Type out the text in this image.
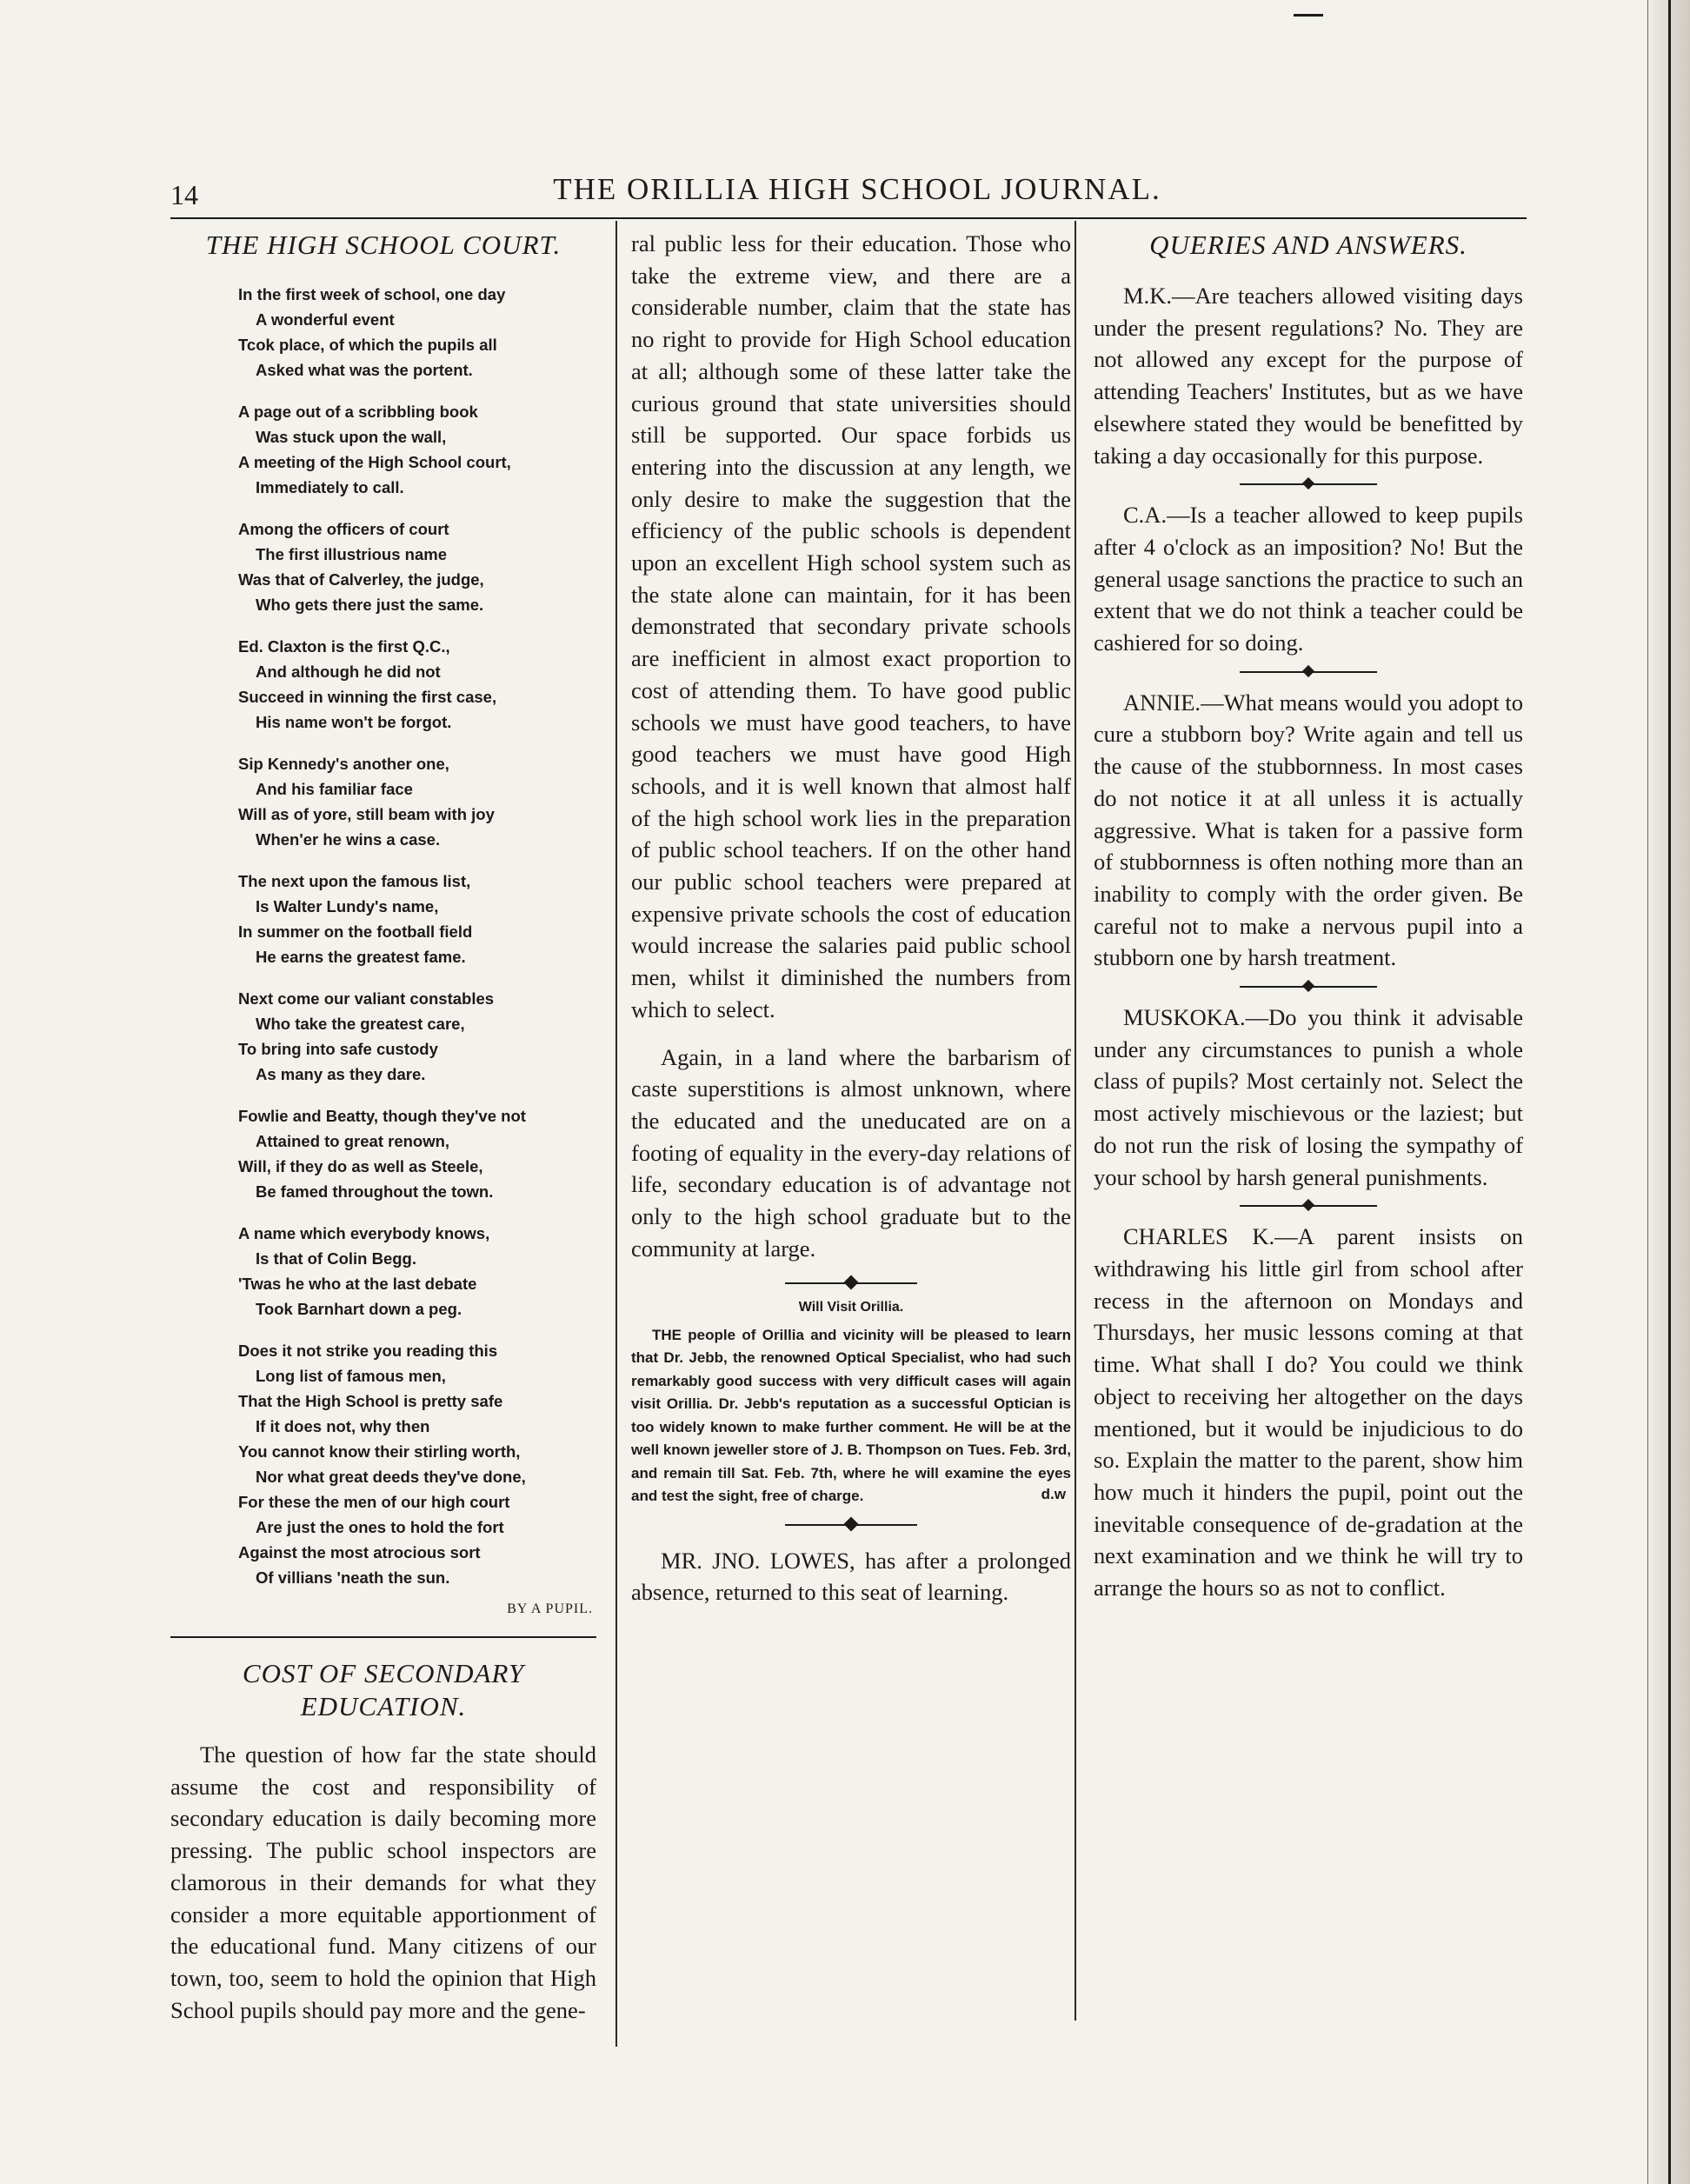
14	THE ORILLIA HIGH SCHOOL JOURNAL.
THE HIGH SCHOOL COURT.
In the first week of school, one day
A wonderful event
Tcok place, of which the pupils all
Asked what was the portent.
A page out of a scribbling book
Was stuck upon the wall,
A meeting of the High School court,
Immediately to call.
Among the officers of court
The first illustrious name
Was that of Calverley, the judge,
Who gets there just the same.
Ed. Claxton is the first Q.C.,
And although he did not
Succeed in winning the first case,
His name won't be forgot.
Sip Kennedy's another one,
And his familiar face
Will as of yore, still beam with joy
When'er he wins a case.
The next upon the famous list,
Is Walter Lundy's name,
In summer on the football field
He earns the greatest fame.
Next come our valiant constables
Who take the greatest care,
To bring into safe custody
As many as they dare.
Fowlie and Beatty, though they've not
Attained to great renown,
Will, if they do as well as Steele,
Be famed throughout the town.
A name which everybody knows,
Is that of Colin Begg.
'Twas he who at the last debate
Took Barnhart down a peg.
Does it not strike you reading this
Long list of famous men,
That the High School is pretty safe
If it does not, why then
You cannot know their stirling worth,
Nor what great deeds they've done,
For these the men of our high court
Are just the ones to hold the fort
Against the most atrocious sort
Of villians 'neath the sun.
BY A PUPIL.
COST OF SECONDARY EDUCATION.

The question of how far the state should assume the cost and responsibility of secondary education is daily becoming more pressing. The public school inspectors are clamorous in their demands for what they consider a more equitable apportionment of the educational fund. Many citizens of our town, too, seem to hold the opinion that High School pupils should pay more and the gene-

ral public less for their education. Those who take the extreme view, and there are a considerable number, claim that the state has no right to provide for High School education at all; although some of these latter take the curious ground that state universities should still be supported. Our space forbids us entering into the discussion at any length, we only desire to make the suggestion that the efficiency of the public schools is dependent upon an excellent High school system such as the state alone can maintain, for it has been demonstrated that secondary private schools are inefficient in almost exact proportion to cost of attending them. To have good public schools we must have good teachers, to have good teachers we must have good High schools, and it is well known that almost half of the high school work lies in the preparation of public school teachers. If on the other hand our public school teachers were prepared at expensive private schools the cost of education would increase the salaries paid public school men, whilst it diminished the numbers from which to select.

Again, in a land where the barbarism of caste superstitions is almost unknown, where the educated and the uneducated are on a footing of equality in the every-day relations of life, secondary education is of advantage not only to the high school graduate but to the community at large.

Will Visit Orillia.

THE people of Orillia and vicinity will be pleased to learn that Dr. Jebb, the renowned Optical Specialist, who had such remarkably good success with very difficult cases will again visit Orillia. Dr. Jebb's reputation as a successful Optician is too widely known to make further comment. He will be at the well known jeweller store of J. B. Thompson on Tues. Feb. 3rd, and remain till Sat. Feb. 7th, where he will examine the eyes and test the sight, free of charge.	d.w

MR. JNO. LOWES, has after a prolonged absence, returned to this seat of learning.

QUERIES AND ANSWERS.

M.K.—Are teachers allowed visiting days under the present regulations? No. They are not allowed any except for the purpose of attending Teachers' Institutes, but as we have elsewhere stated they would be benefitted by taking a day occasionally for this purpose.

C.A.—Is a teacher allowed to keep pupils after 4 o'clock as an imposition? No! But the general usage sanctions the practice to such an extent that we do not think a teacher could be cashiered for so doing.

ANNIE.—What means would you adopt to cure a stubborn boy? Write again and tell us the cause of the stubbornness. In most cases do not notice it at all unless it is actually aggressive. What is taken for a passive form of stubbornness is often nothing more than an inability to comply with the order given. Be careful not to make a nervous pupil into a stubborn one by harsh treatment.

MUSKOKA.—Do you think it advisable under any circumstances to punish a whole class of pupils? Most certainly not. Select the most actively mischievous or the laziest; but do not run the risk of losing the sympathy of your school by harsh general punishments.

CHARLES K.—A parent insists on withdrawing his little girl from school after recess in the afternoon on Mondays and Thursdays, her music lessons coming at that time. What shall I do? You could we think object to receiving her altogether on the days mentioned, but it would be injudicious to do so. Explain the matter to the parent, show him how much it hinders the pupil, point out the inevitable consequence of de-gradation at the next examination and we think he will try to arrange the hours so as not to conflict.
